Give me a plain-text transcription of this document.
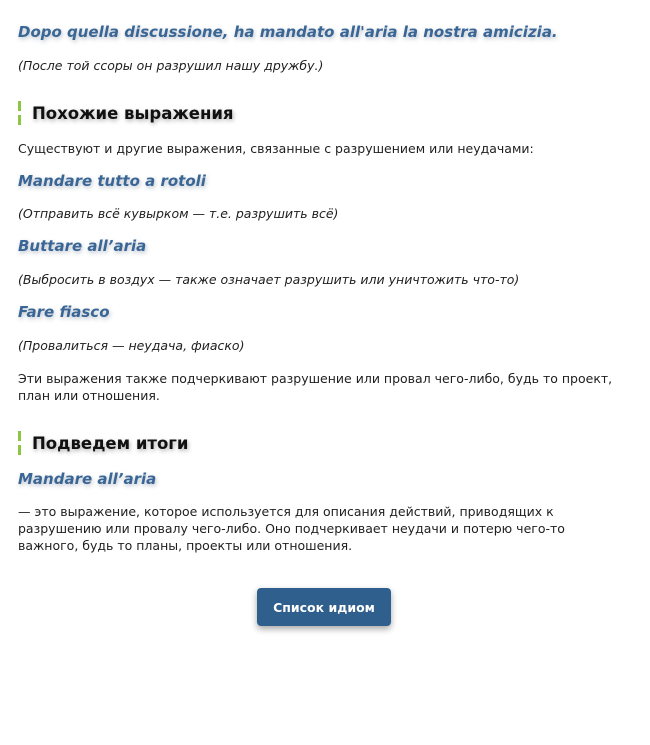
Dopo quella discussione, ha mandato all'aria la nostra amicizia.
(После той ссоры он разрушил нашу дружбу.)
Похожие выражения
Существуют и другие выражения, связанные с разрушением или неудачами:
Mandare tutto a rotoli
(Отправить всё кувырком — т.е. разрушить всё)
Buttare all’aria
(Выбросить в воздух — также означает разрушить или уничтожить что-то)
Fare fiasco
(Провалиться — неудача, фиаско)
Эти выражения также подчеркивают разрушение или провал чего-либо, будь то проект, план или отношения.
Подведем итоги
Mandare all’aria
— это выражение, которое используется для описания действий, приводящих к разрушению или провалу чего-либо. Оно подчеркивает неудачи и потерю чего-то важного, будь то планы, проекты или отношения.
Список идиом
